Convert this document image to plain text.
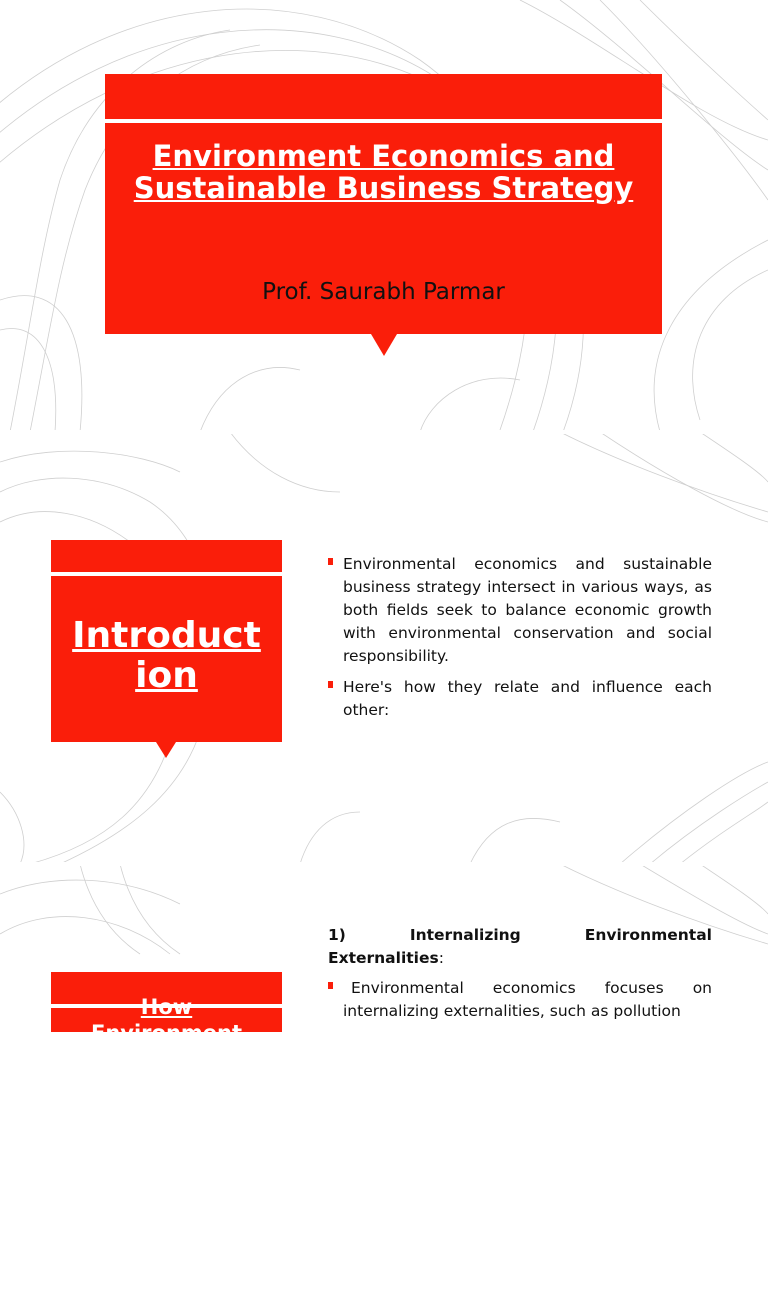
Environment Economics and Sustainable Business Strategy
Prof. Saurabh Parmar
Introduct ion
Environmental economics and sustainable business strategy intersect in various ways, as both fields seek to balance economic growth with environmental conservation and social responsibility.
Here's how they relate and influence each other:
1)	Internalizing	Environmental
Externalities:
Environmental economics focuses on internalizing externalities, such as pollution
How Environment
